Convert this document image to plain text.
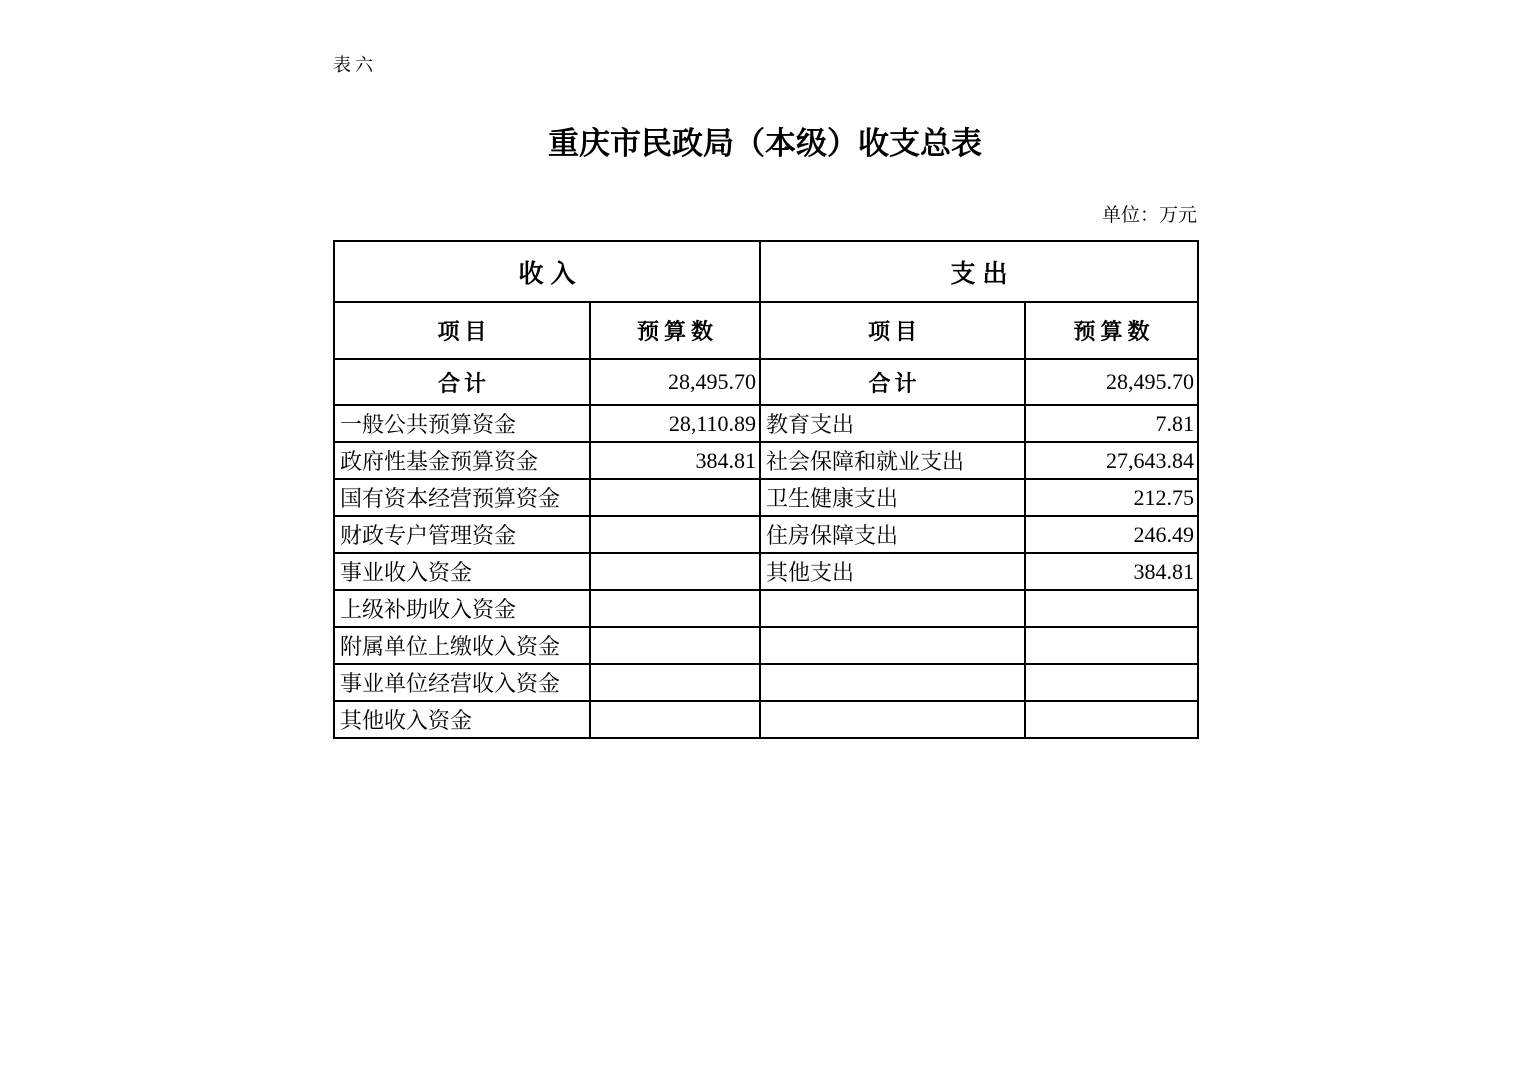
表六
重庆市民政局（本级）收支总表
单位：万元
收入		支出	
项目	预算数	项目	预算数
合计	28,495.70	合计	28,495.70
一般公共预算资金	28,110.89	教育支出	7.81
政府性基金预算资金	384.81	社会保障和就业支出	27,643.84
国有资本经营预算资金		卫生健康支出	212.75
财政专户管理资金		住房保障支出	246.49
事业收入资金		其他支出	384.81
上级补助收入资金			
附属单位上缴收入资金			
事业单位经营收入资金			
其他收入资金			
